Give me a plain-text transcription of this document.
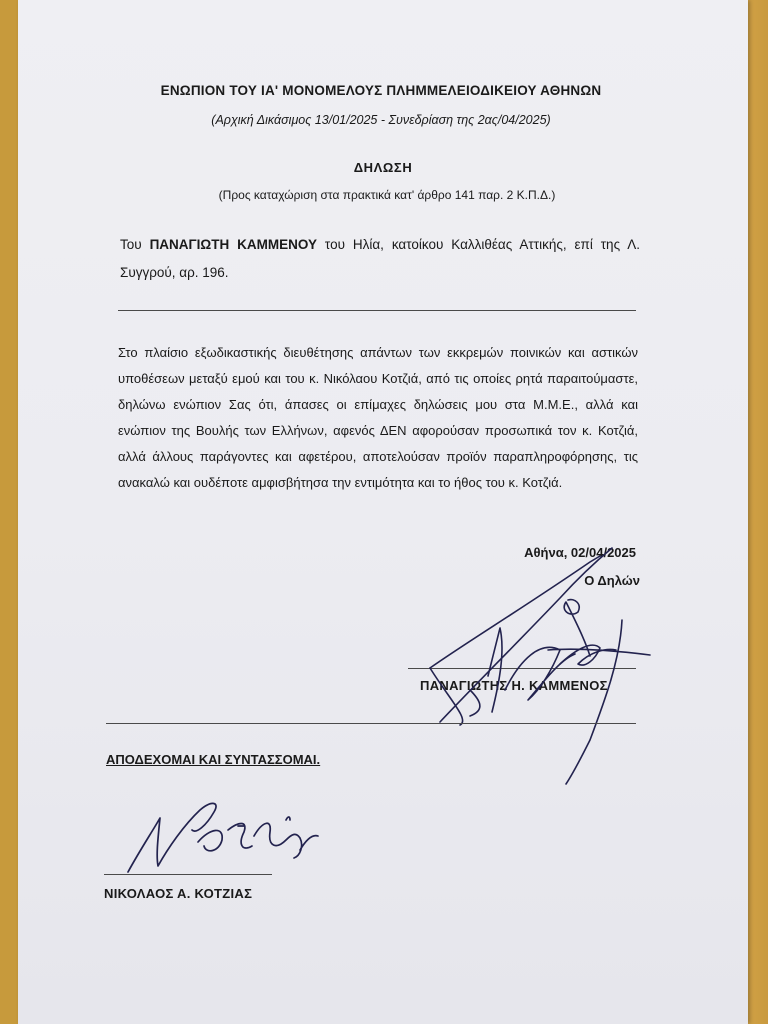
ΕΝΩΠΙΟΝ ΤΟΥ ΙΑ' ΜΟΝΟΜΕΛΟΥΣ ΠΛΗΜΜΕΛΕΙΟΔΙΚΕΙΟΥ ΑΘΗΝΩΝ
(Αρχική Δικάσιμος 13/01/2025 - Συνεδρίαση της 2ας/04/2025)
ΔΗΛΩΣΗ
(Προς καταχώριση στα πρακτικά κατ' άρθρο 141 παρ. 2 Κ.Π.Δ.)
Του ΠΑΝΑΓΙΩΤΗ ΚΑΜΜΕΝΟΥ του Ηλία, κατοίκου Καλλιθέας Αττικής, επί της Λ. Συγγρού, αρ. 196.
Στο πλαίσιο εξωδικαστικής διευθέτησης απάντων των εκκρεμών ποινικών και αστικών υποθέσεων μεταξύ εμού και του κ. Νικόλαου Κοτζιά, από τις οποίες ρητά παραιτούμαστε, δηλώνω ενώπιον Σας ότι, άπασες οι επίμαχες δηλώσεις μου στα Μ.Μ.Ε., αλλά και ενώπιον της Βουλής των Ελλήνων, αφενός ΔΕΝ αφορούσαν προσωπικά τον κ. Κοτζιά, αλλά άλλους παράγοντες και αφετέρου, αποτελούσαν προϊόν παραπληροφόρησης, τις ανακαλώ και ουδέποτε αμφισβήτησα την εντιμότητα και το ήθος του κ. Κοτζιά.
Αθήνα, 02/04/2025
Ο Δηλών
ΠΑΝΑΓΙΩΤΗΣ Η. ΚΑΜΜΕΝΟΣ
ΑΠΟΔΕΧΟΜΑΙ ΚΑΙ ΣΥΝΤΑΣΣΟΜΑΙ.
ΝΙΚΟΛΑΟΣ Α. ΚΟΤΖΙΑΣ
